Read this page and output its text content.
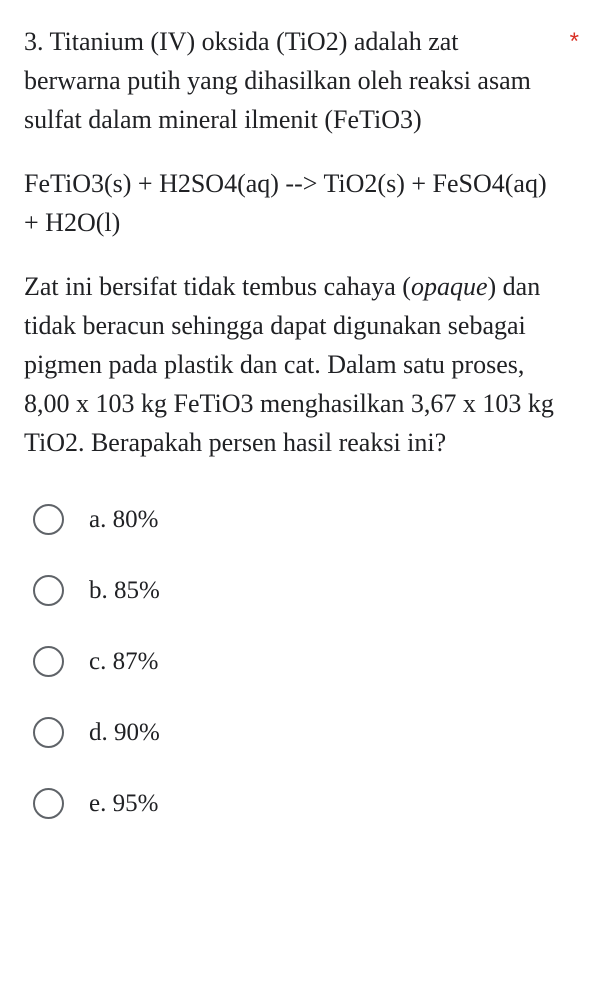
3. Titanium (IV) oksida (TiO2) adalah zat berwarna putih yang dihasilkan oleh reaksi asam sulfat dalam mineral ilmenit (FeTiO3)

FeTiO3(s) + H2SO4(aq) --> TiO2(s) + FeSO4(aq) + H2O(l)

Zat ini bersifat tidak tembus cahaya (opaque) dan tidak beracun sehingga dapat digunakan sebagai pigmen pada plastik dan cat. Dalam satu proses, 8,00 x 103 kg FeTiO3 menghasilkan 3,67 x 103 kg TiO2. Berapakah persen hasil reaksi ini?

*
a. 80%
b. 85%
c. 87%
d. 90%
e. 95%
